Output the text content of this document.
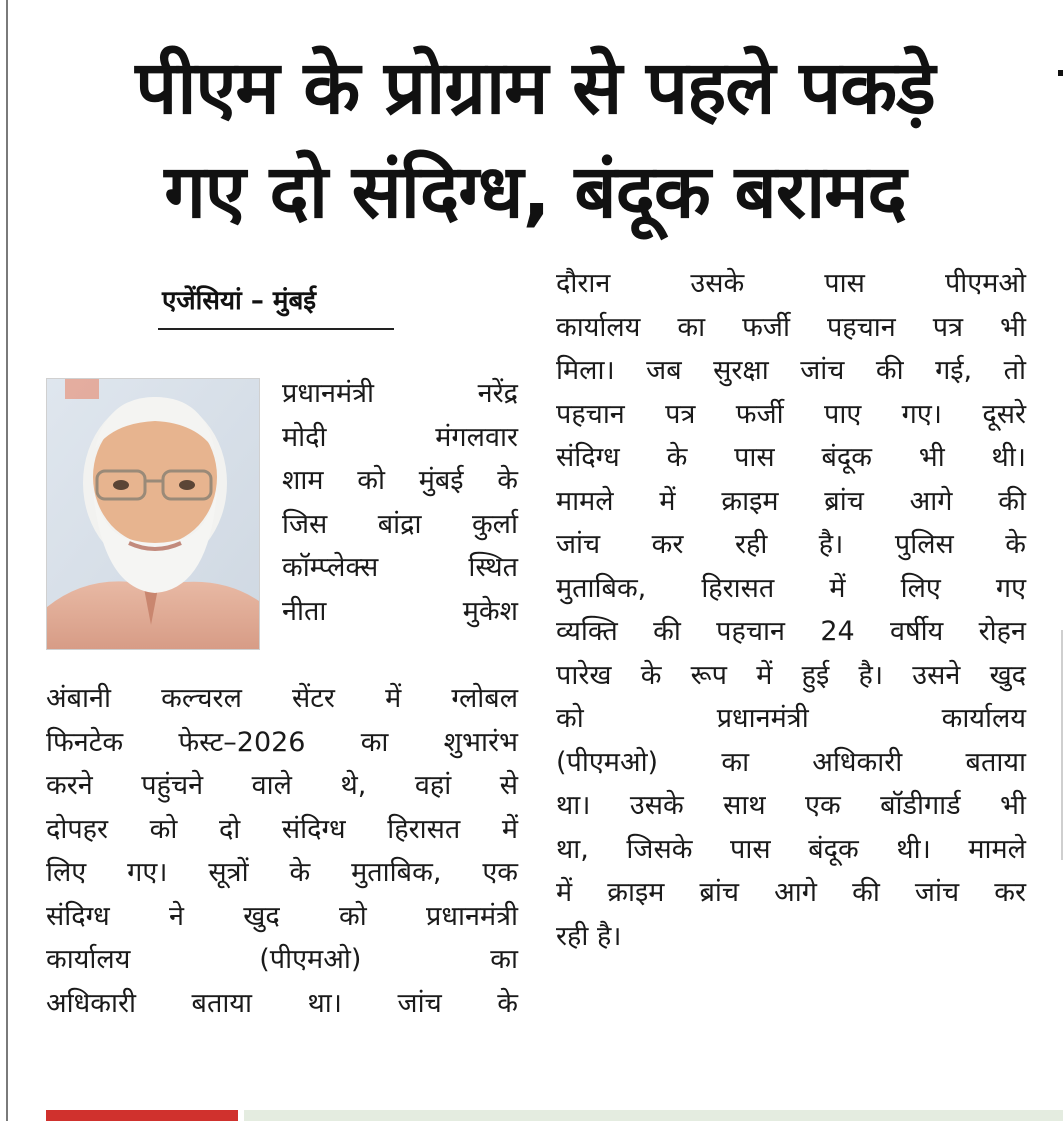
पीएम के प्रोग्राम से पहले पकड़े
गए दो संदिग्ध, बंदूक बरामद
एजेंसियां – मुंबई
प्रधानमंत्री नरेंद्र
मोदी मंगलवार
शाम को मुंबई के
जिस बांद्रा कुर्ला
कॉम्प्लेक्स स्थित
नीता मुकेश
अंबानी कल्चरल सेंटर में ग्लोबल
फिनटेक फेस्ट–2026 का शुभारंभ
करने पहुंचने वाले थे, वहां से
दोपहर को दो संदिग्ध हिरासत में
लिए गए। सूत्रों के मुताबिक, एक
संदिग्ध ने खुद को प्रधानमंत्री
कार्यालय (पीएमओ) का
अधिकारी बताया था। जांच के
दौरान उसके पास पीएमओ
कार्यालय का फर्जी पहचान पत्र भी
मिला। जब सुरक्षा जांच की गई, तो
पहचान पत्र फर्जी पाए गए। दूसरे
संदिग्ध के पास बंदूक भी थी।
मामले में क्राइम ब्रांच आगे की
जांच कर रही है। पुलिस के
मुताबिक, हिरासत में लिए गए
व्यक्ति की पहचान 24 वर्षीय रोहन
पारेख के रूप में हुई है। उसने खुद
को प्रधानमंत्री कार्यालय
(पीएमओ) का अधिकारी बताया
था। उसके साथ एक बॉडीगार्ड भी
था, जिसके पास बंदूक थी। मामले
में क्राइम ब्रांच आगे की जांच कर
रही है।
